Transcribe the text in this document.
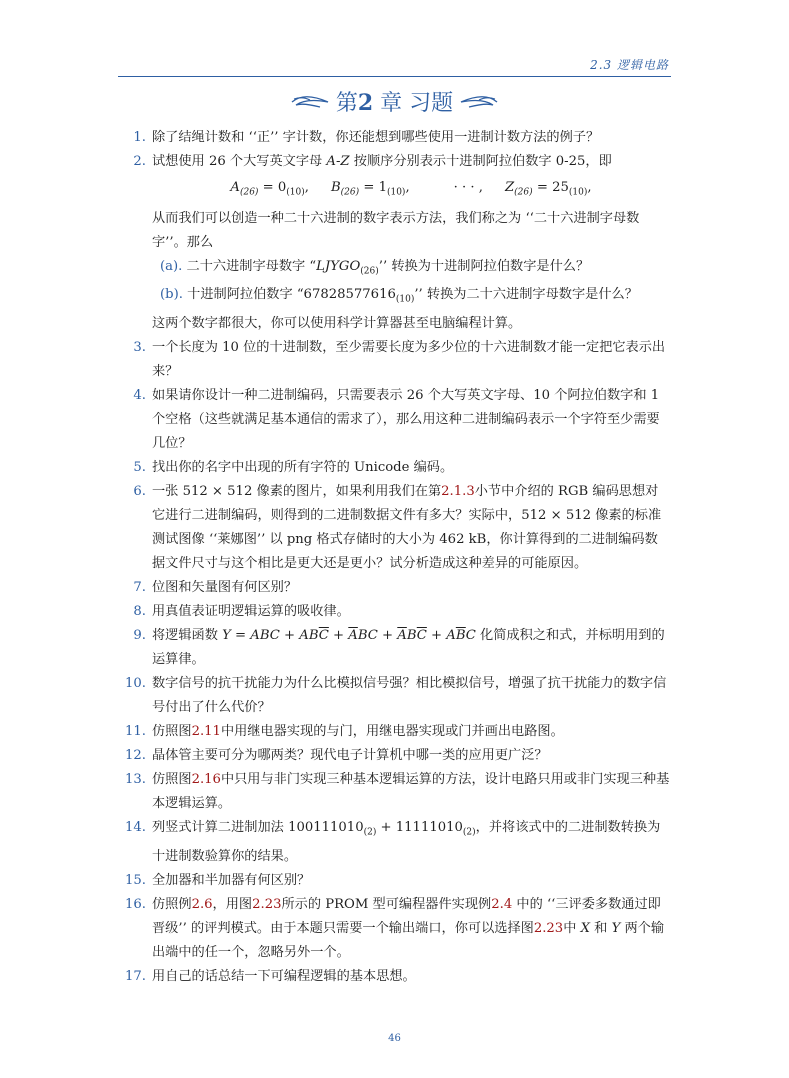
2.3 逻辑电路
第2 章 习题
1. 除了结绳计数和 ‘‘正’’ 字计数，你还能想到哪些使用一进制计数方法的例子？
2. 试想使用 26 个大写英文字母 A-Z 按顺序分别表示十进制阿拉伯数字 0-25，即
$A_{(26)} = 0_{(10)}$, $B_{(26)} = 1_{(10)}$,	· · · , $Z_{(26)} = 25_{(10)}$,
从而我们可以创造一种二十六进制的数字表示方法，我们称之为 ‘‘二十六进制字母数字’’。那么
(a). 二十六进制字母数字 “$LJYGO_{(26)}$’’ 转换为十进制阿拉伯数字是什么？
(b). 十进制阿拉伯数字 “$67828577616_{(10)}$’’ 转换为二十六进制字母数字是什么？
这两个数字都很大，你可以使用科学计算器甚至电脑编程计算。
3. 一个长度为 10 位的十进制数，至少需要长度为多少位的十六进制数才能一定把它表示出来？
4. 如果请你设计一种二进制编码，只需要表示 26 个大写英文字母、10 个阿拉伯数字和 1 个空格（这些就满足基本通信的需求了），那么用这种二进制编码表示一个字符至少需要几位？
5. 找出你的名字中出现的所有字符的 Unicode 编码。
6. 一张 512 × 512 像素的图片，如果利用我们在第2.1.3小节中介绍的 RGB 编码思想对它进行二进制编码，则得到的二进制数据文件有多大？实际中，512 × 512 像素的标准测试图像 ‘‘莱娜图’’ 以 png 格式存储时的大小为 462 kB，你计算得到的二进制编码数据文件尺寸与这个相比是更大还是更小？试分析造成这种差异的可能原因。
7. 位图和矢量图有何区别？
8. 用真值表证明逻辑运算的吸收律。
9. 将逻辑函数 Y = ABC + $AB\overline{C} + \overline{A}BC + \overline{A}B\overline{C} + A\overline{B}C$ 化简成积之和式，并标明用到的运算律。
10. 数字信号的抗干扰能力为什么比模拟信号强？相比模拟信号，增强了抗干扰能力的数字信号付出了什么代价？
11. 仿照图2.11中用继电器实现的与门，用继电器实现或门并画出电路图。
12. 晶体管主要可分为哪两类？现代电子计算机中哪一类的应用更广泛？
13. 仿照图2.16中只用与非门实现三种基本逻辑运算的方法，设计电路只用或非门实现三种基本逻辑运算。
14. 列竖式计算二进制加法 $100111010_{(2)} + 11111010_{(2)}$，并将该式中的二进制数转换为十进制数验算你的结果。
15. 全加器和半加器有何区别？
16. 仿照例2.6，用图2.23所示的 PROM 型可编程器件实现例2.4 中的 ‘‘三评委多数通过即晋级’’ 的评判模式。由于本题只需要一个输出端口，你可以选择图2.23中 X 和 Y 两个输出端中的任一个，忽略另外一个。
17. 用自己的话总结一下可编程逻辑的基本思想。
46
